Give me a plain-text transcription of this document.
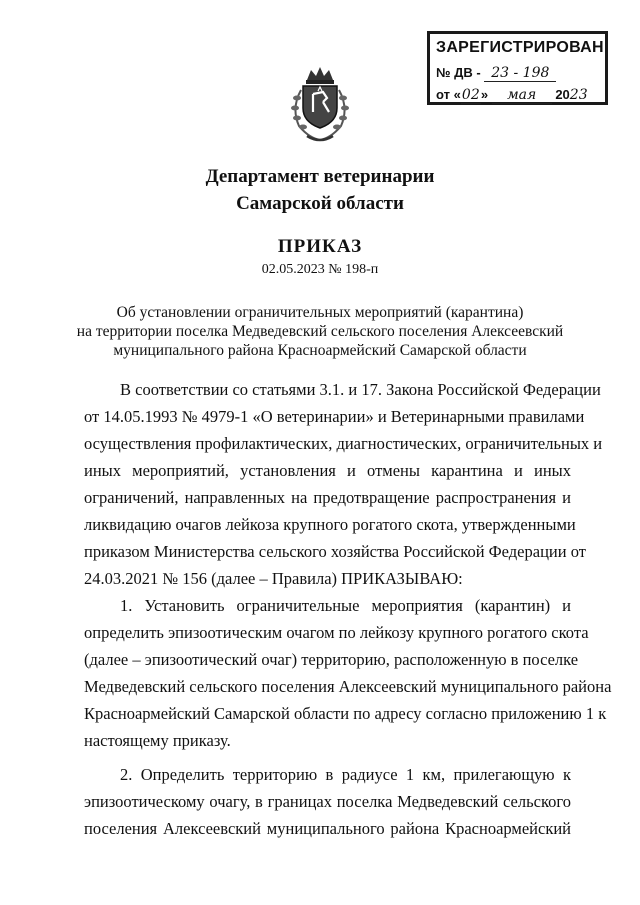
ЗАРЕГИСТРИРОВАН
№ ДВ - 23 - 198
от «02» мая 2023
Департамент ветеринарии
Самарской области
ПРИКАЗ
02.05.2023 № 198-п
Об установлении ограничительных мероприятий (карантина)
на территории поселка Медведевский сельского поселения Алексеевский
муниципального района Красноармейский Самарской области
В соответствии со статьями 3.1. и 17. Закона Российской Федерации
от 14.05.1993 № 4979-1 «О ветеринарии» и Ветеринарными правилами
осуществления профилактических, диагностических, ограничительных и
иных мероприятий, установления и отмены карантина и иных
ограничений, направленных на предотвращение распространения и
ликвидацию очагов лейкоза крупного рогатого скота, утвержденными
приказом Министерства сельского хозяйства Российской Федерации от
24.03.2021 № 156 (далее – Правила) ПРИКАЗЫВАЮ:
1. Установить ограничительные мероприятия (карантин) и
определить эпизоотическим очагом по лейкозу крупного рогатого скота
(далее – эпизоотический очаг) территорию, расположенную в поселке
Медведевский сельского поселения Алексеевский муниципального района
Красноармейский Самарской области по адресу согласно приложению 1 к
настоящему приказу.
2. Определить территорию в радиусе 1 км, прилегающую к
эпизоотическому очагу, в границах поселка Медведевский сельского
поселения Алексеевский муниципального района Красноармейский
